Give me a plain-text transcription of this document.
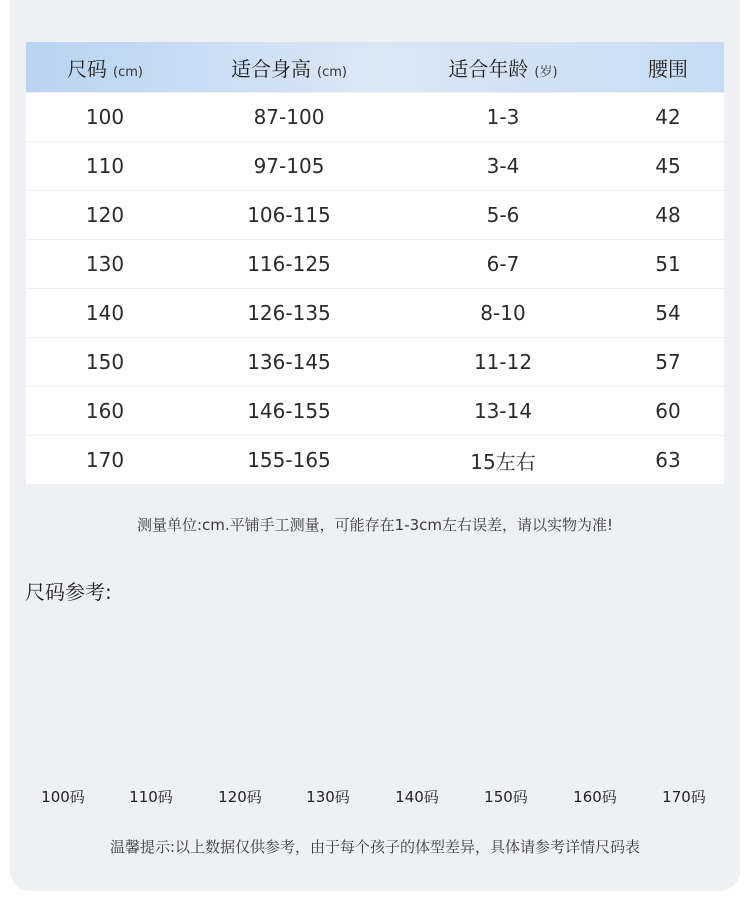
尺码 (cm)	适合身高 (cm)	适合年龄 (岁)	腰围
100	87-100	1-3	42
110	97-105	3-4	45
120	106-115	5-6	48
130	116-125	6-7	51
140	126-135	8-10	54
150	136-145	11-12	57
160	146-155	13-14	60
170	155-165	15左右	63
测量单位:cm.平铺手工测量，可能存在1-3cm左右误差，请以实物为准!
尺码参考:
100码	110码	120码	130码	140码	150码	160码	170码
温馨提示:以上数据仅供参考，由于每个孩子的体型差异，具体请参考详情尺码表
